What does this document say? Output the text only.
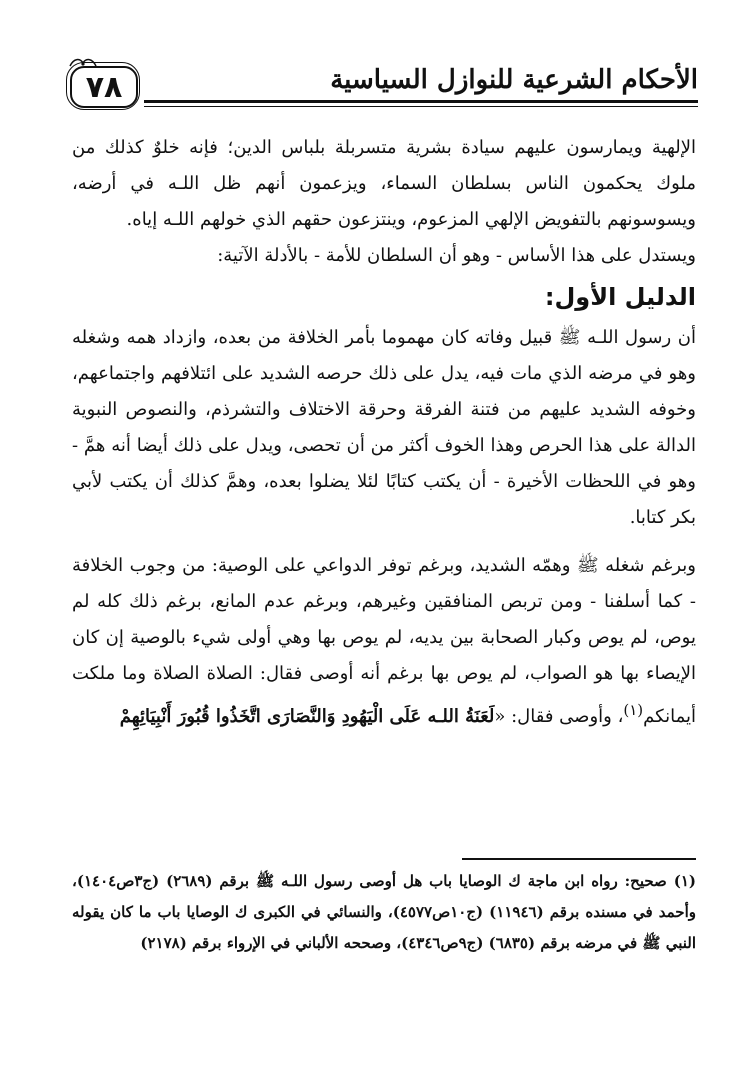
٧٨	الأحكام الشرعية للنوازل السياسية

الإلهية ويمارسون عليهم سيادة بشرية متسربلة بلباس الدين؛ فإنه خلوٌ كذلك من ملوك يحكمون الناس بسلطان السماء، ويزعمون أنهم ظل اللـه في أرضه، ويسوسونهم بالتفويض الإلهي المزعوم، وينتزعون حقهم الذي خولهم اللـه إياه.

ويستدل على هذا الأساس - وهو أن السلطان للأمة - بالأدلة الآتية:

الدليل الأول:

أن رسول اللـه ﷺ قبيل وفاته كان مهموما بأمر الخلافة من بعده، وازداد همه وشغله وهو في مرضه الذي مات فيه، يدل على ذلك حرصه الشديد على ائتلافهم واجتماعهم، وخوفه الشديد عليهم من فتنة الفرقة وحرقة الاختلاف والتشرذم، والنصوص النبوية الدالة على هذا الحرص وهذا الخوف أكثر من أن تحصى، ويدل على ذلك أيضا أنه همَّ - وهو في اللحظات الأخيرة - أن يكتب كتابًا لئلا يضلوا بعده، وهمَّ كذلك أن يكتب لأبي بكر كتابا.

وبرغم شغله ﷺ وهمّه الشديد، وبرغم توفر الدواعي على الوصية: من وجوب الخلافة - كما أسلفنا - ومن تربص المنافقين وغيرهم، وبرغم عدم المانع، برغم ذلك كله لم يوص، لم يوص وكبار الصحابة بين يديه، لم يوص بها وهي أولى شيء بالوصية إن كان الإيصاء بها هو الصواب، لم يوص بها برغم أنه أوصى فقال: الصلاة الصلاة وما ملكت أيمانكم$^{(١)}$، وأوصى فقال: «لَعَنَةُ اللـه عَلَى الْيَهُودِ وَالنَّصَارَى اتَّخَذُوا قُبُورَ أَنْبِيَائِهِمْ

(١) صحيح: رواه ابن ماجة ك الوصايا باب هل أوصى رسول اللـه ﷺ برقم (٢٦٨٩) (ج٣ص١٤٠٤)، وأحمد في مسنده برقم (١١٩٤٦) (ج١٠ص٤٥٧٧)، والنسائي في الكبرى ك الوصايا باب ما كان يقوله النبي ﷺ في مرضه برقم (٦٨٣٥) (ج٩ص٤٣٤٦)، وصححه الألباني في الإرواء برقم (٢١٧٨)
